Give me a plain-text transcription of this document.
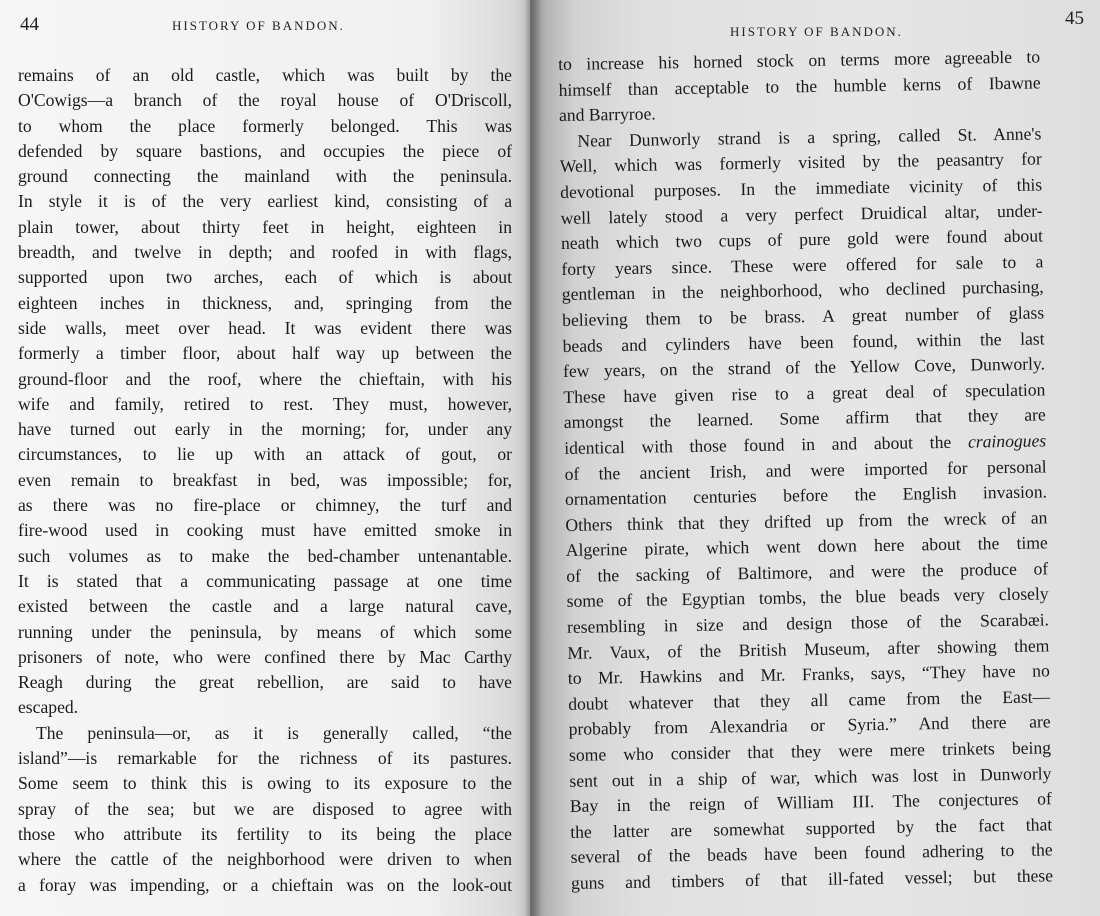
44	HISTORY OF BANDON.
remains of an old castle, which was built by the
O'Cowigs—a branch of the royal house of O'Driscoll,
to whom the place formerly belonged. This was
defended by square bastions, and occupies the piece of
ground connecting the mainland with the peninsula.
In style it is of the very earliest kind, consisting of a
plain tower, about thirty feet in height, eighteen in
breadth, and twelve in depth; and roofed in with flags,
supported upon two arches, each of which is about
eighteen inches in thickness, and, springing from the
side walls, meet over head. It was evident there was
formerly a timber floor, about half way up between the
ground-floor and the roof, where the chieftain, with his
wife and family, retired to rest. They must, however,
have turned out early in the morning; for, under any
circumstances, to lie up with an attack of gout, or
even remain to breakfast in bed, was impossible; for,
as there was no fire-place or chimney, the turf and
fire-wood used in cooking must have emitted smoke in
such volumes as to make the bed-chamber untenantable.
It is stated that a communicating passage at one time
existed between the castle and a large natural cave,
running under the peninsula, by means of which some
prisoners of note, who were confined there by Mac Carthy
Reagh during the great rebellion, are said to have
escaped.
The peninsula—or, as it is generally called, “the
island”—is remarkable for the richness of its pastures.
Some seem to think this is owing to its exposure to the
spray of the sea; but we are disposed to agree with
those who attribute its fertility to its being the place
where the cattle of the neighborhood were driven to when
a foray was impending, or a chieftain was on the look-out
HISTORY OF BANDON.
45
to increase his horned stock on terms more agreeable to
himself than acceptable to the humble kerns of Ibawne
and Barryroe.
Near Dunworly strand is a spring, called St. Anne's
Well, which was formerly visited by the peasantry for
devotional purposes. In the immediate vicinity of this
well lately stood a very perfect Druidical altar, under-
neath which two cups of pure gold were found about
forty years since. These were offered for sale to a
gentleman in the neighborhood, who declined purchasing,
believing them to be brass. A great number of glass
beads and cylinders have been found, within the last
few years, on the strand of the Yellow Cove, Dunworly.
These have given rise to a great deal of speculation
amongst the learned. Some affirm that they are
identical with those found in and about the crainogues
of the ancient Irish, and were imported for personal
ornamentation centuries before the English invasion.
Others think that they drifted up from the wreck of an
Algerine pirate, which went down here about the time
of the sacking of Baltimore, and were the produce of
some of the Egyptian tombs, the blue beads very closely
resembling in size and design those of the Scarabæi.
Mr. Vaux, of the British Museum, after showing them
to Mr. Hawkins and Mr. Franks, says, “They have no
doubt whatever that they all came from the East—
probably from Alexandria or Syria.” And there are
some who consider that they were mere trinkets being
sent out in a ship of war, which was lost in Dunworly
Bay in the reign of William III. The conjectures of
the latter are somewhat supported by the fact that
several of the beads have been found adhering to the
guns and timbers of that ill-fated vessel; but these
